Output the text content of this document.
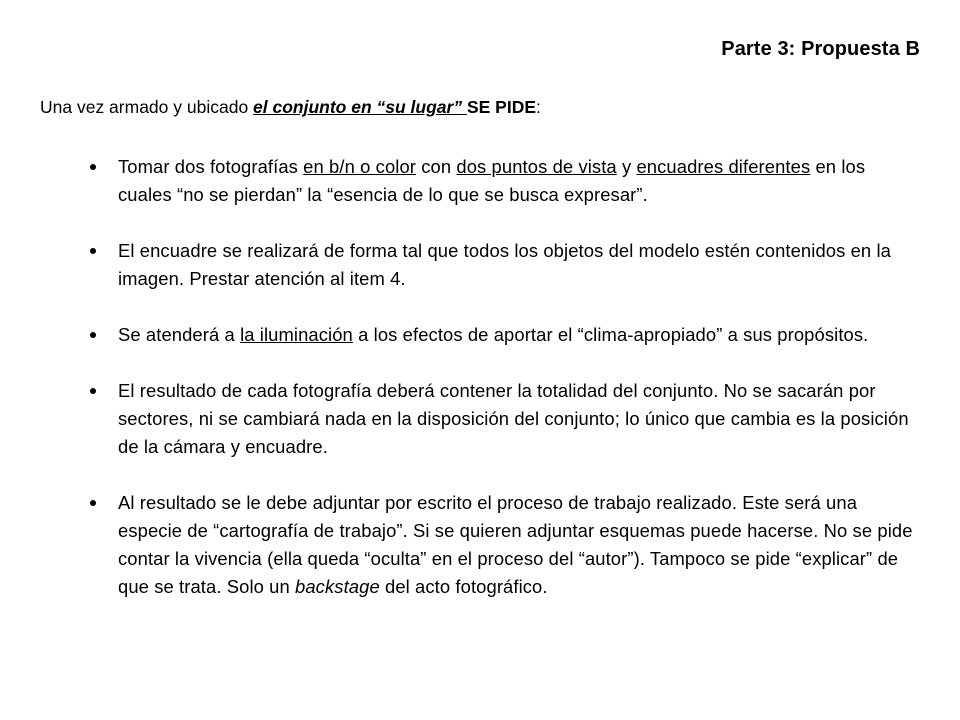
Parte 3: Propuesta B
Una vez armado y ubicado el conjunto en “su lugar” SE PIDE:
Tomar dos fotografías en b/n o color con dos puntos de vista y encuadres diferentes en los cuales “no se pierdan” la “esencia de lo que se busca expresar”.
El encuadre se realizará de forma tal que todos los objetos del modelo estén contenidos en la imagen. Prestar atención al item 4.
Se atenderá a la iluminación a los efectos de aportar el “clima-apropiado” a sus propósitos.
El resultado de cada fotografía deberá contener la totalidad del conjunto. No se sacarán por sectores, ni se cambiará nada en la disposición del conjunto; lo único que cambia es la posición de la cámara y encuadre.
Al resultado se le debe adjuntar por escrito el proceso de trabajo realizado. Este será una especie de “cartografía de trabajo”. Si se quieren adjuntar esquemas puede hacerse. No se pide contar la vivencia (ella queda “oculta” en el proceso del “autor”). Tampoco se pide “explicar” de que se trata. Solo un backstage del acto fotográfico.
